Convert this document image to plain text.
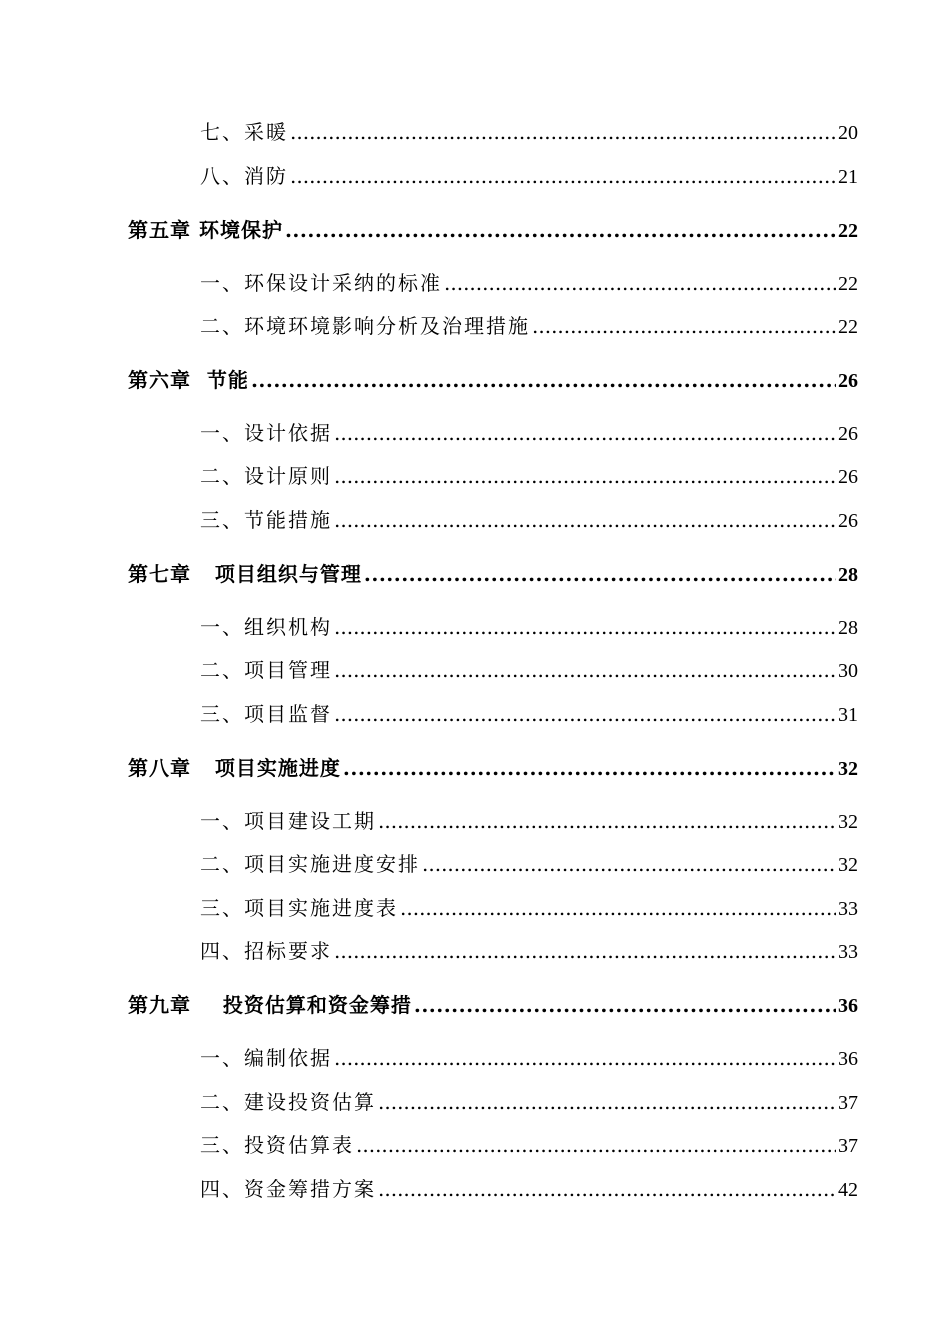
七、采暖 .....	20
八、消防 .....	21
第五章 环境保护 .....	22
一、环保设计采纳的标准 .....	22
二、环境环境影响分析及治理措施 .....	22
第六章  节能 .....	26
一、设计依据 .....	26
二、设计原则 .....	26
三、节能措施 .....	26
第七章   项目组织与管理 .....	28
一、组织机构 .....	28
二、项目管理 .....	30
三、项目监督 .....	31
第八章   项目实施进度 .....	32
一、项目建设工期 .....	32
二、项目实施进度安排 .....	32
三、项目实施进度表 .....	33
四、招标要求 .....	33
第九章    投资估算和资金筹措 .....	36
一、编制依据 .....	36
二、建设投资估算 .....	37
三、投资估算表 .....	37
四、资金筹措方案 .....	42
